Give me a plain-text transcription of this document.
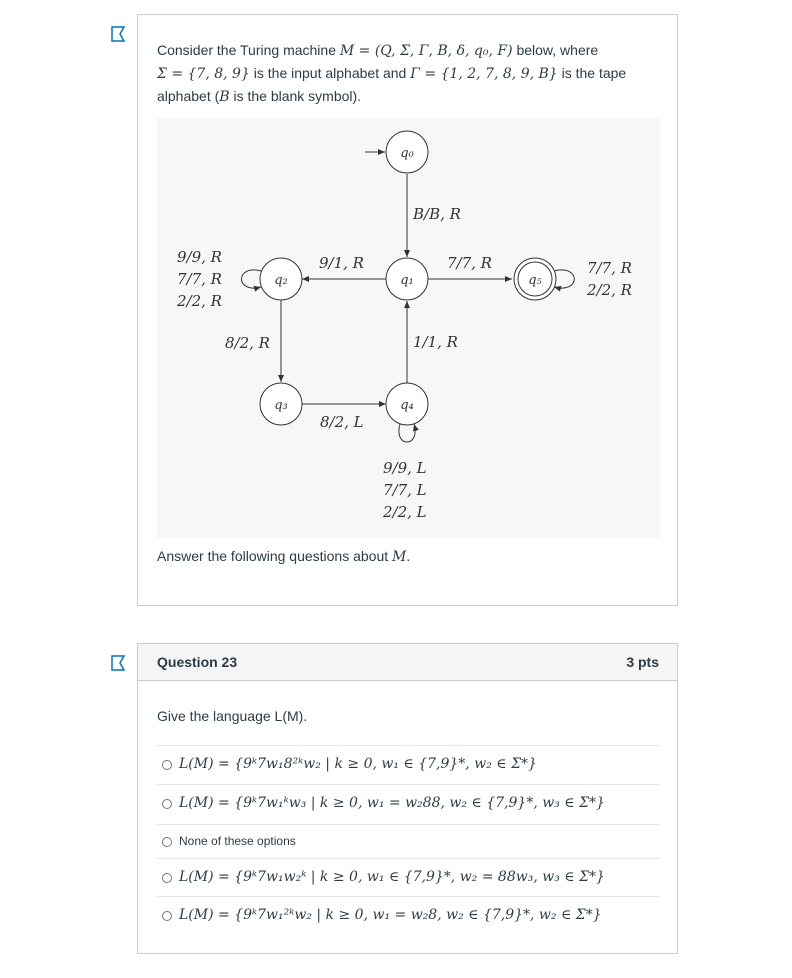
Consider the Turing machine M = (Q, Σ, Γ, B, δ, q₀, F) below, where
Σ = {7, 8, 9} is the input alphabet and Γ = {1, 2, 7, 8, 9, B} is the tape
alphabet (B is the blank symbol).
q₀
q₁
q₂
q₃	q₄
q₅
B/B, R
9/1, R	7/7, R
8/2, R
8/2, L
1/1, R
9/9, R
7/7, R
2/2, R
7/7, R
2/2, R
9/9, L
7/7, L
2/2, L
Answer the following questions about M.
Question 23	3 pts
Give the language L(M).
L(M) = {9ᵏ7w₁8²ᵏw₂ | k ≥ 0, w₁ ∈ {7,9}*, w₂ ∈ Σ*}
L(M) = {9ᵏ7w₁ᵏw₃ | k ≥ 0, w₁ = w₂88, w₂ ∈ {7,9}*, w₃ ∈ Σ*}
None of these options
L(M) = {9ᵏ7w₁w₂ᵏ | k ≥ 0, w₁ ∈ {7,9}*, w₂ = 88w₃, w₃ ∈ Σ*}
L(M) = {9ᵏ7w₁²ᵏw₂ | k ≥ 0, w₁ = w₂8, w₂ ∈ {7,9}*, w₂ ∈ Σ*}
